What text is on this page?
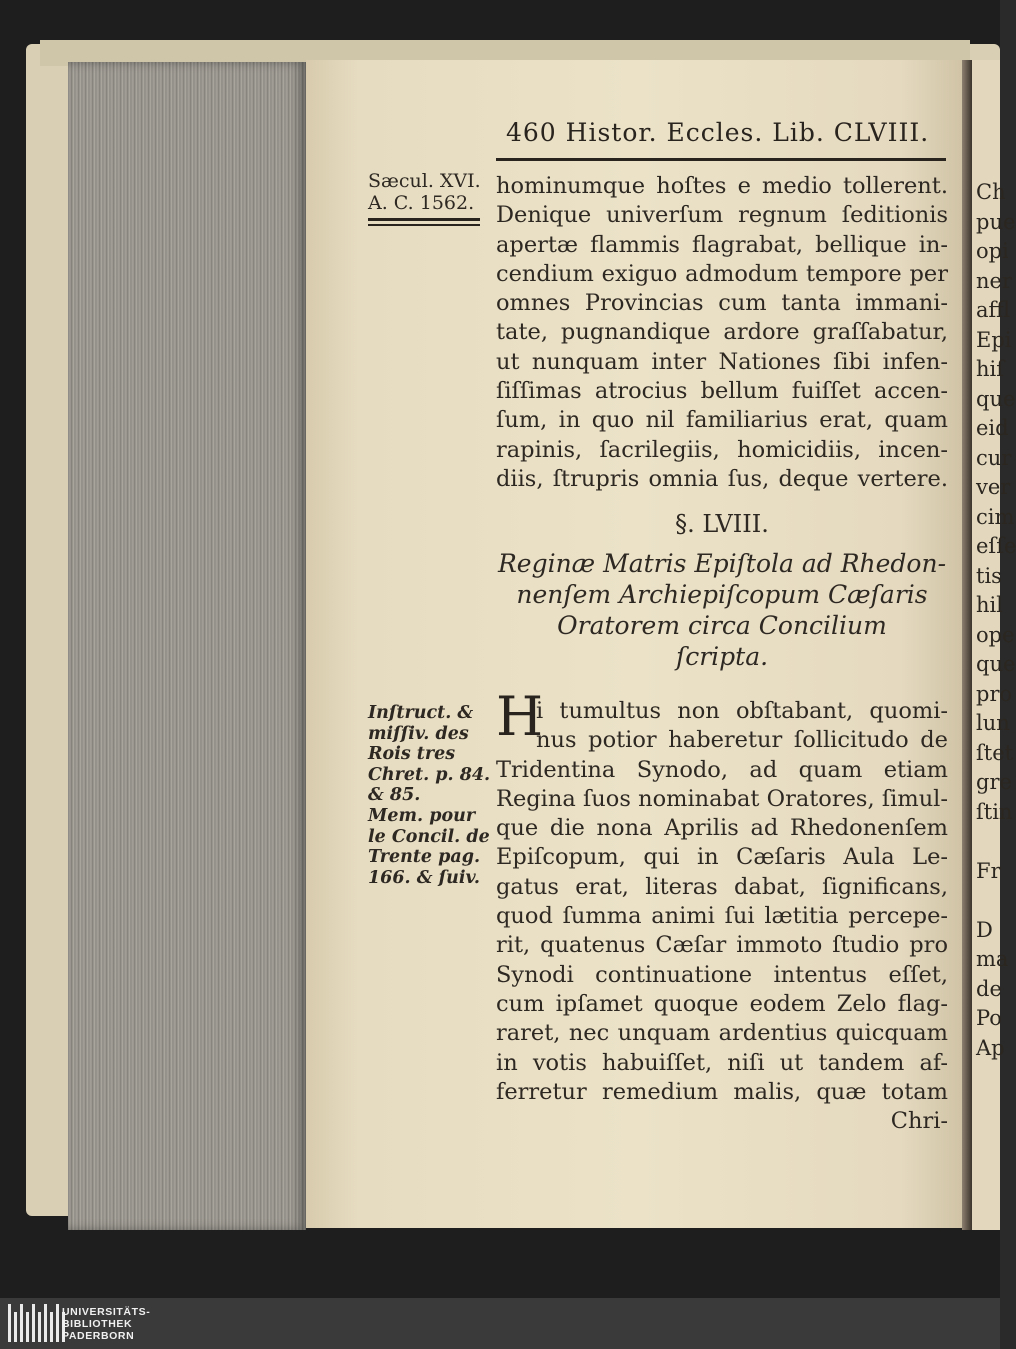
Ch
pue
opi
ner
affl
Epi
hiſ
que
eid
cur
ver
cim
eſſe
tis
hil
ope
que
pro
lun
ſtet
gre
ſtin
Fr
D
ma
de
Po
Ap
460 Histor. Eccles. Lib. CLVIII.
Sæcul. XVI.
A. C. 1562.
hominumque hoſtes e medio tollerent.
Denique univerſum regnum ſeditionis
apertæ flammis flagrabat, bellique in-
cendium exiguo admodum tempore per
omnes Provincias cum tanta immani-
tate, pugnandique ardore graſſabatur,
ut nunquam inter Nationes ſibi infen-
ſiſſimas atrocius bellum fuiſſet accen-
ſum, in quo nil familiarius erat, quam
rapinis, ſacrilegiis, homicidiis, incen-
diis, ſtrupris omnia ſus, deque vertere.
§. LVIII.
Reginæ Matris Epiſtola ad Rhedon-
nenſem Archiepiſcopum Cæſaris
Oratorem circa Concilium
ſcripta.
H
i tumultus non obſtabant, quomi-
nus potior haberetur ſollicitudo de
Tridentina Synodo, ad quam etiam
Regina ſuos nominabat Oratores, ſimul-
que die nona Aprilis ad Rhedonenſem
Epiſcopum, qui in Cæſaris Aula Le-
gatus erat, literas dabat, ſignificans,
quod ſumma animi ſui lætitia percepe-
rit, quatenus Cæſar immoto ſtudio pro
Synodi continuatione intentus eſſet,
cum ipſamet quoque eodem Zelo flag-
raret, nec unquam ardentius quicquam
in votis habuiſſet, niſi ut tandem af-
ferretur remedium malis, quæ totam
Chri-
Inſtruct. &
miſſiv. des
Rois tres
Chret. p. 84.
& 85.
Mem. pour
le Concil. de
Trente pag.
166. & ſuiv.
UNIVERSITÄTS-
BIBLIOTHEK
PADERBORN
